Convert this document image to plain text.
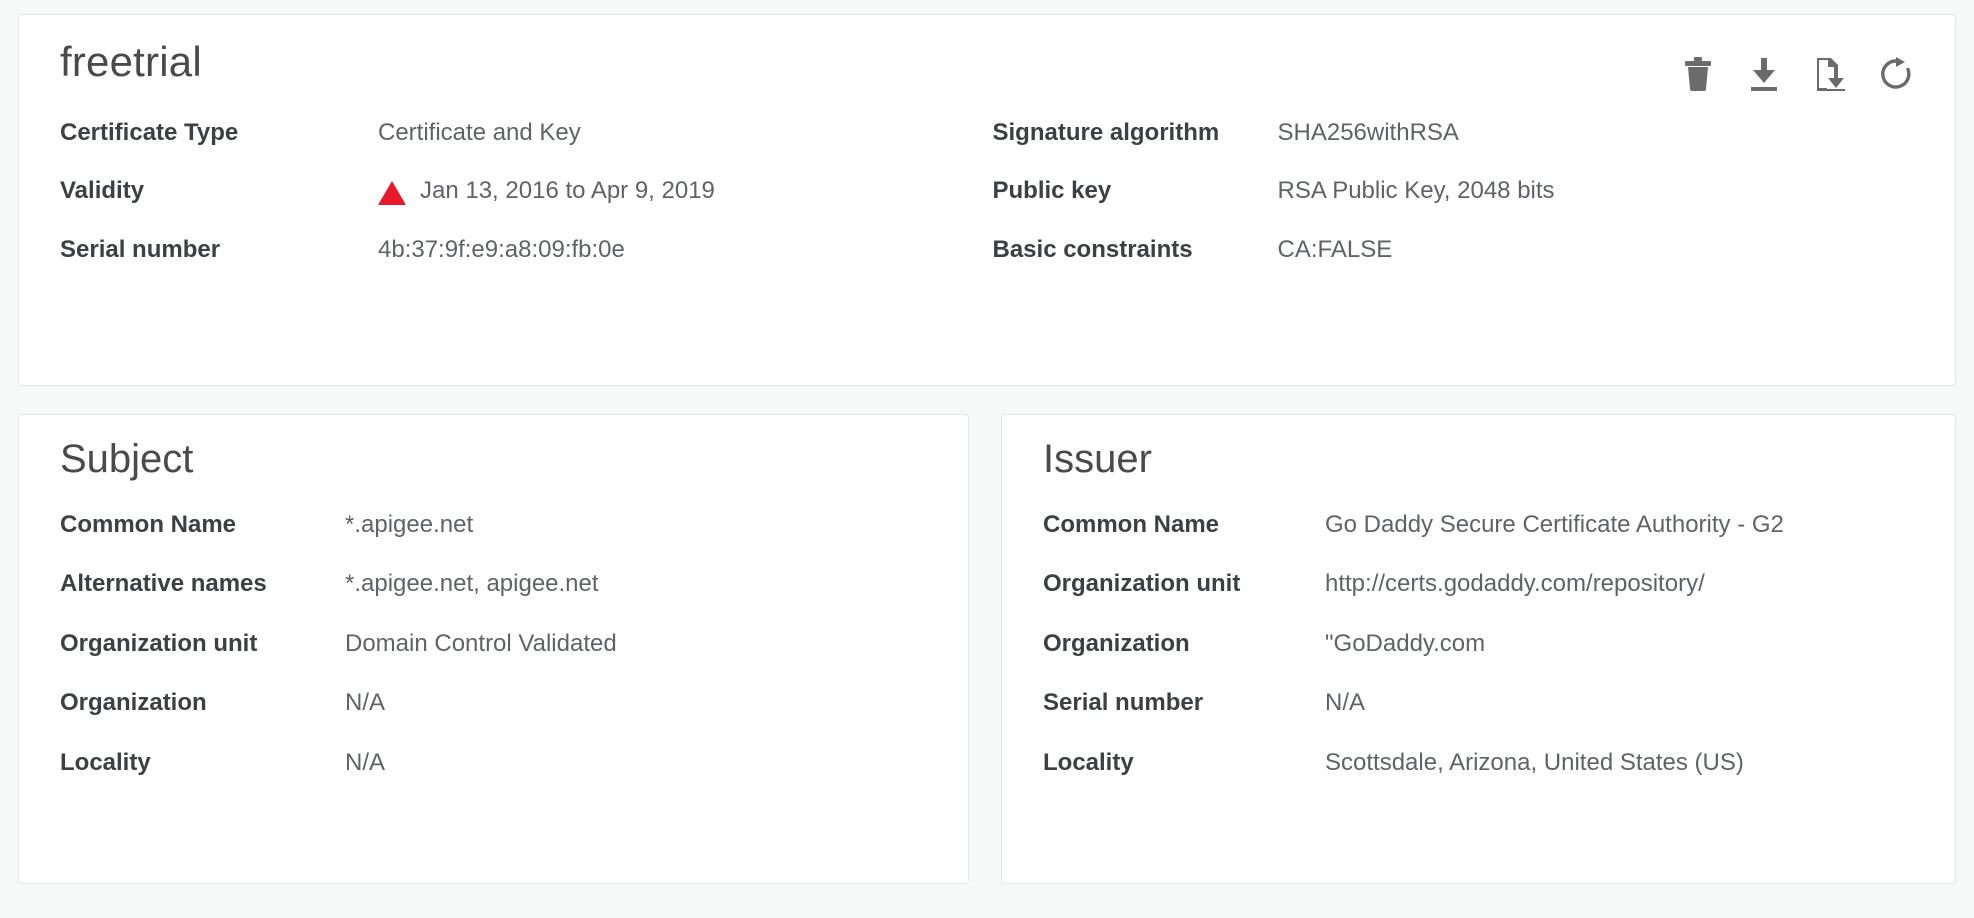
freetrial
Certificate Type	Certificate and Key
Validity	Jan 13, 2016 to Apr 9, 2019
Serial number	4b:37:9f:e9:a8:09:fb:0e
Signature algorithm	SHA256withRSA
Public key	RSA Public Key, 2048 bits
Basic constraints	CA:FALSE
Subject
Common Name	*.apigee.net
Alternative names	*.apigee.net, apigee.net
Organization unit	Domain Control Validated
Organization	N/A
Locality	N/A
Issuer
Common Name	Go Daddy Secure Certificate Authority - G2
Organization unit	http://certs.godaddy.com/repository/
Organization	"GoDaddy.com
Serial number	N/A
Locality	Scottsdale, Arizona, United States (US)
